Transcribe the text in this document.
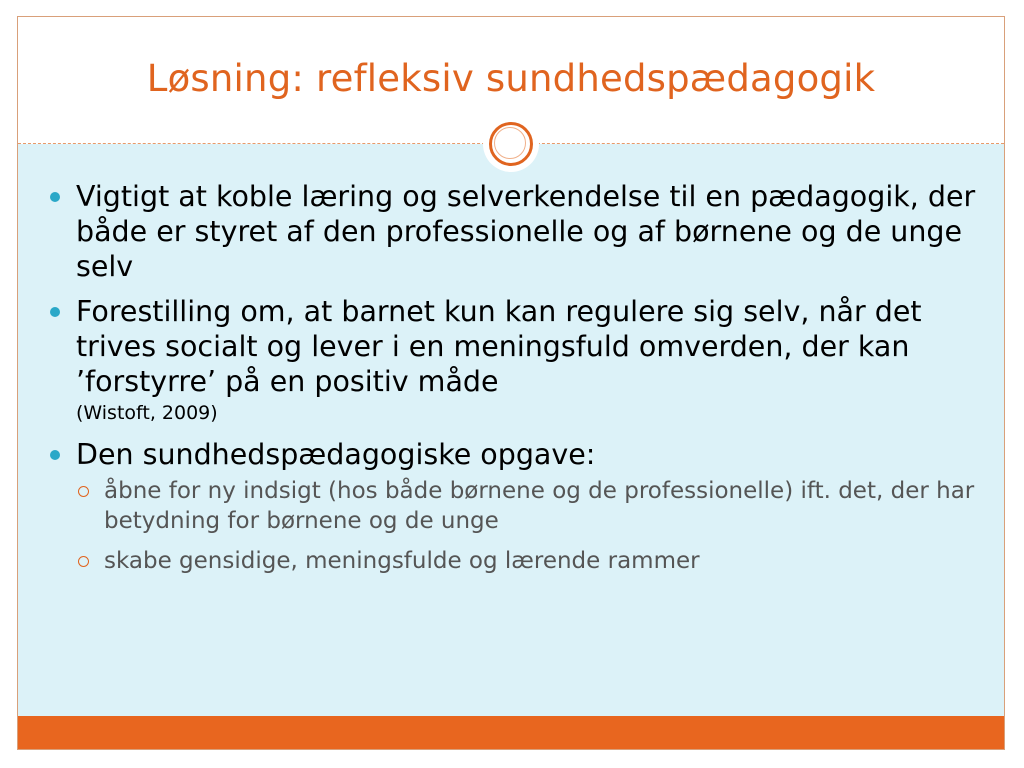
Løsning: refleksiv sundhedspædagogik
Vigtigt at koble læring og selverkendelse til en pædagogik, der både er styret af den professionelle og af børnene og de unge selv
Forestilling om, at barnet kun kan regulere sig selv, når det trives socialt og lever i en meningsfuld omverden, der kan ’forstyrre’ på en positiv måde
(Wistoft, 2009)
Den sundhedspædagogiske opgave:
åbne for ny indsigt (hos både børnene og de professionelle) ift. det, der har betydning for børnene og de unge
skabe gensidige, meningsfulde og lærende rammer
